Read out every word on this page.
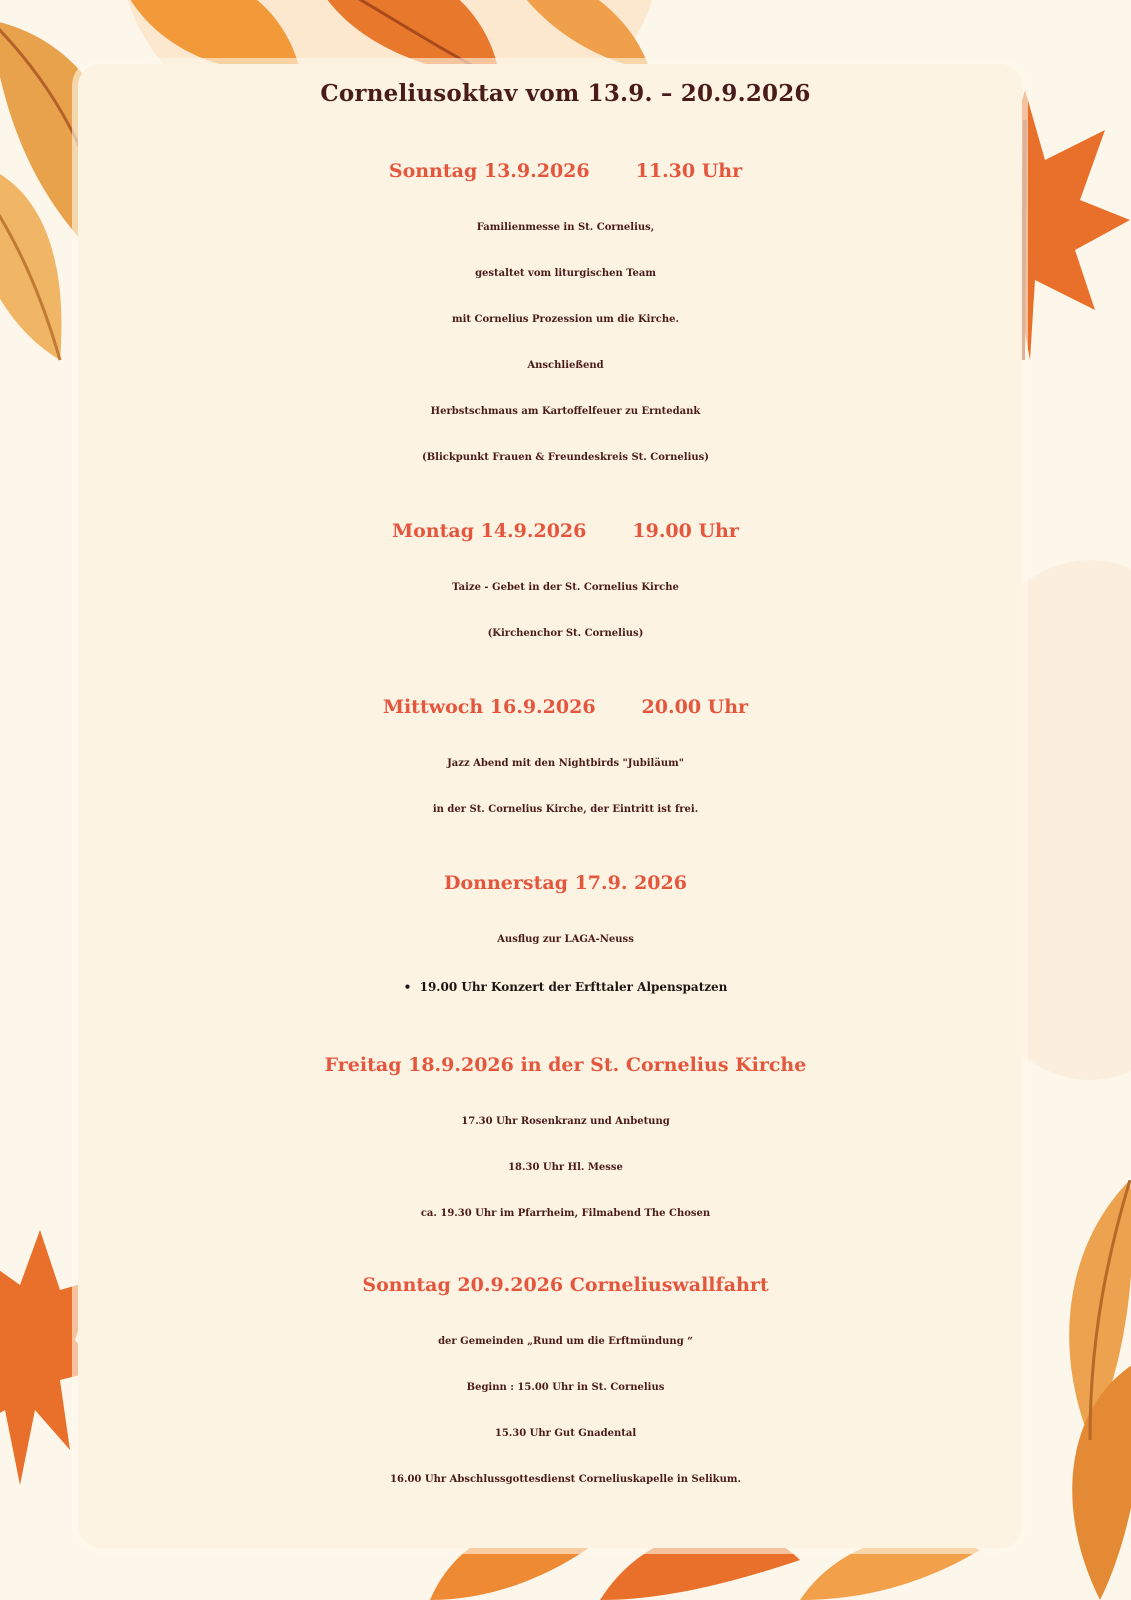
Corneliusoktav vom 13.9. – 20.9.2026
Sonntag 13.9.2026 11.30 Uhr
Familienmesse in St. Cornelius,
gestaltet vom liturgischen Team
mit Cornelius Prozession um die Kirche.
Anschließend
Herbstschmaus am Kartoffelfeuer zu Erntedank
(Blickpunkt Frauen & Freundeskreis St. Cornelius)
Montag 14.9.2026 19.00 Uhr
Taize - Gebet in der St. Cornelius Kirche
(Kirchenchor St. Cornelius)
Mittwoch 16.9.2026 20.00 Uhr
Jazz Abend mit den Nightbirds "Jubiläum"
in der St. Cornelius Kirche, der Eintritt ist frei.
Donnerstag 17.9. 2026
Ausflug zur LAGA-Neuss
•  19.00 Uhr Konzert der Erfttaler Alpenspatzen
Freitag 18.9.2026 in der St. Cornelius Kirche
17.30 Uhr Rosenkranz und Anbetung
18.30 Uhr Hl. Messe
ca. 19.30 Uhr im Pfarrheim, Filmabend The Chosen
Sonntag 20.9.2026 Corneliuswallfahrt
der Gemeinden „Rund um die Erftmündung “
Beginn : 15.00 Uhr in St. Cornelius
15.30 Uhr Gut Gnadental
16.00 Uhr Abschlussgottesdienst Corneliuskapelle in Selikum.
